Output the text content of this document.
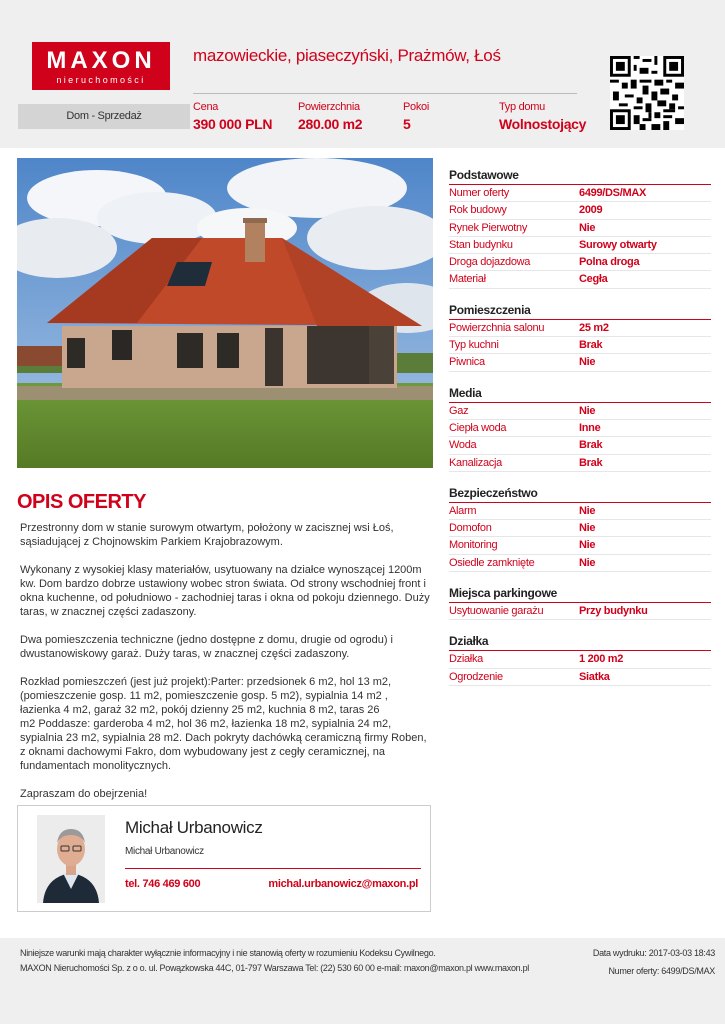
MAXON
nieruchomości
mazowieckie, piaseczyński, Prażmów, Łoś
Dom - Sprzedaż
Cena
390 000 PLN
Powierzchnia
280.00 m2
Pokoi
5
Typ domu
Wolnostojący
Podstawowe
Numer oferty	6499/DS/MAX
Rok budowy	2009
Rynek Pierwotny	Nie
Stan budynku	Surowy otwarty
Droga dojazdowa	Polna droga
Materiał	Cegła
Pomieszczenia
Powierzchnia salonu	25 m2
Typ kuchni	Brak
Piwnica	Nie
Media
Gaz	Nie
Ciepła woda	Inne
Woda	Brak
Kanalizacja	Brak
Bezpieczeństwo
Alarm	Nie
Domofon	Nie
Monitoring	Nie
Osiedle zamknięte	Nie
Miejsca parkingowe
Usytuowanie garażu	Przy budynku
Działka
Działka	1 200 m2
Ogrodzenie	Siatka
OPIS OFERTY

Przestronny dom w stanie surowym otwartym, położony w zacisznej wsi Łoś,
sąsiadującej z Chojnowskim Parkiem Krajobrazowym.

Wykonany z wysokiej klasy materiałów, usytuowany na działce wynoszącej 1200m
kw. Dom bardzo dobrze ustawiony wobec stron świata. Od strony wschodniej front i
okna kuchenne, od południowo - zachodniej taras i okna od pokoju dziennego. Duży
taras, w znacznej części zadaszony.

Dwa pomieszczenia techniczne (jedno dostępne z domu, drugie od ogrodu) i
dwustanowiskowy garaż. Duży taras, w znacznej części zadaszony.

Rozkład pomieszczeń (jest już projekt):Parter: przedsionek 6 m2, hol 13 m2,
(pomieszczenie gosp. 11 m2, pomieszczenie gosp. 5 m2), sypialnia 14 m2 ,
łazienka 4 m2, garaż 32 m2, pokój dzienny 25 m2, kuchnia 8 m2, taras 26
m2 Poddasze: garderoba 4 m2, hol 36 m2, łazienka 18 m2, sypialnia 24 m2,
sypialnia 23 m2, sypialnia 28 m2. Dach pokryty dachówką ceramiczną firmy Roben,
z oknami dachowymi Fakro, dom wybudowany jest z cegły ceramicznej, na
fundamentach monolitycznych.

Zapraszam do obejrzenia!

Michał Urbanowicz
Michał Urbanowicz
tel. 746 469 600	michal.urbanowicz@maxon.pl
Niniejsze warunki mają charakter wyłącznie informacyjny i nie stanowią oferty w rozumieniu Kodeksu Cywilnego.
MAXON Nieruchomości Sp. z o o. ul. Powązkowska 44C, 01-797 Warszawa Tel: (22) 530 60 00 e-mail: maxon@maxon.pl www.maxon.pl
Data wydruku: 2017-03-03 18:43
Numer oferty: 6499/DS/MAX
